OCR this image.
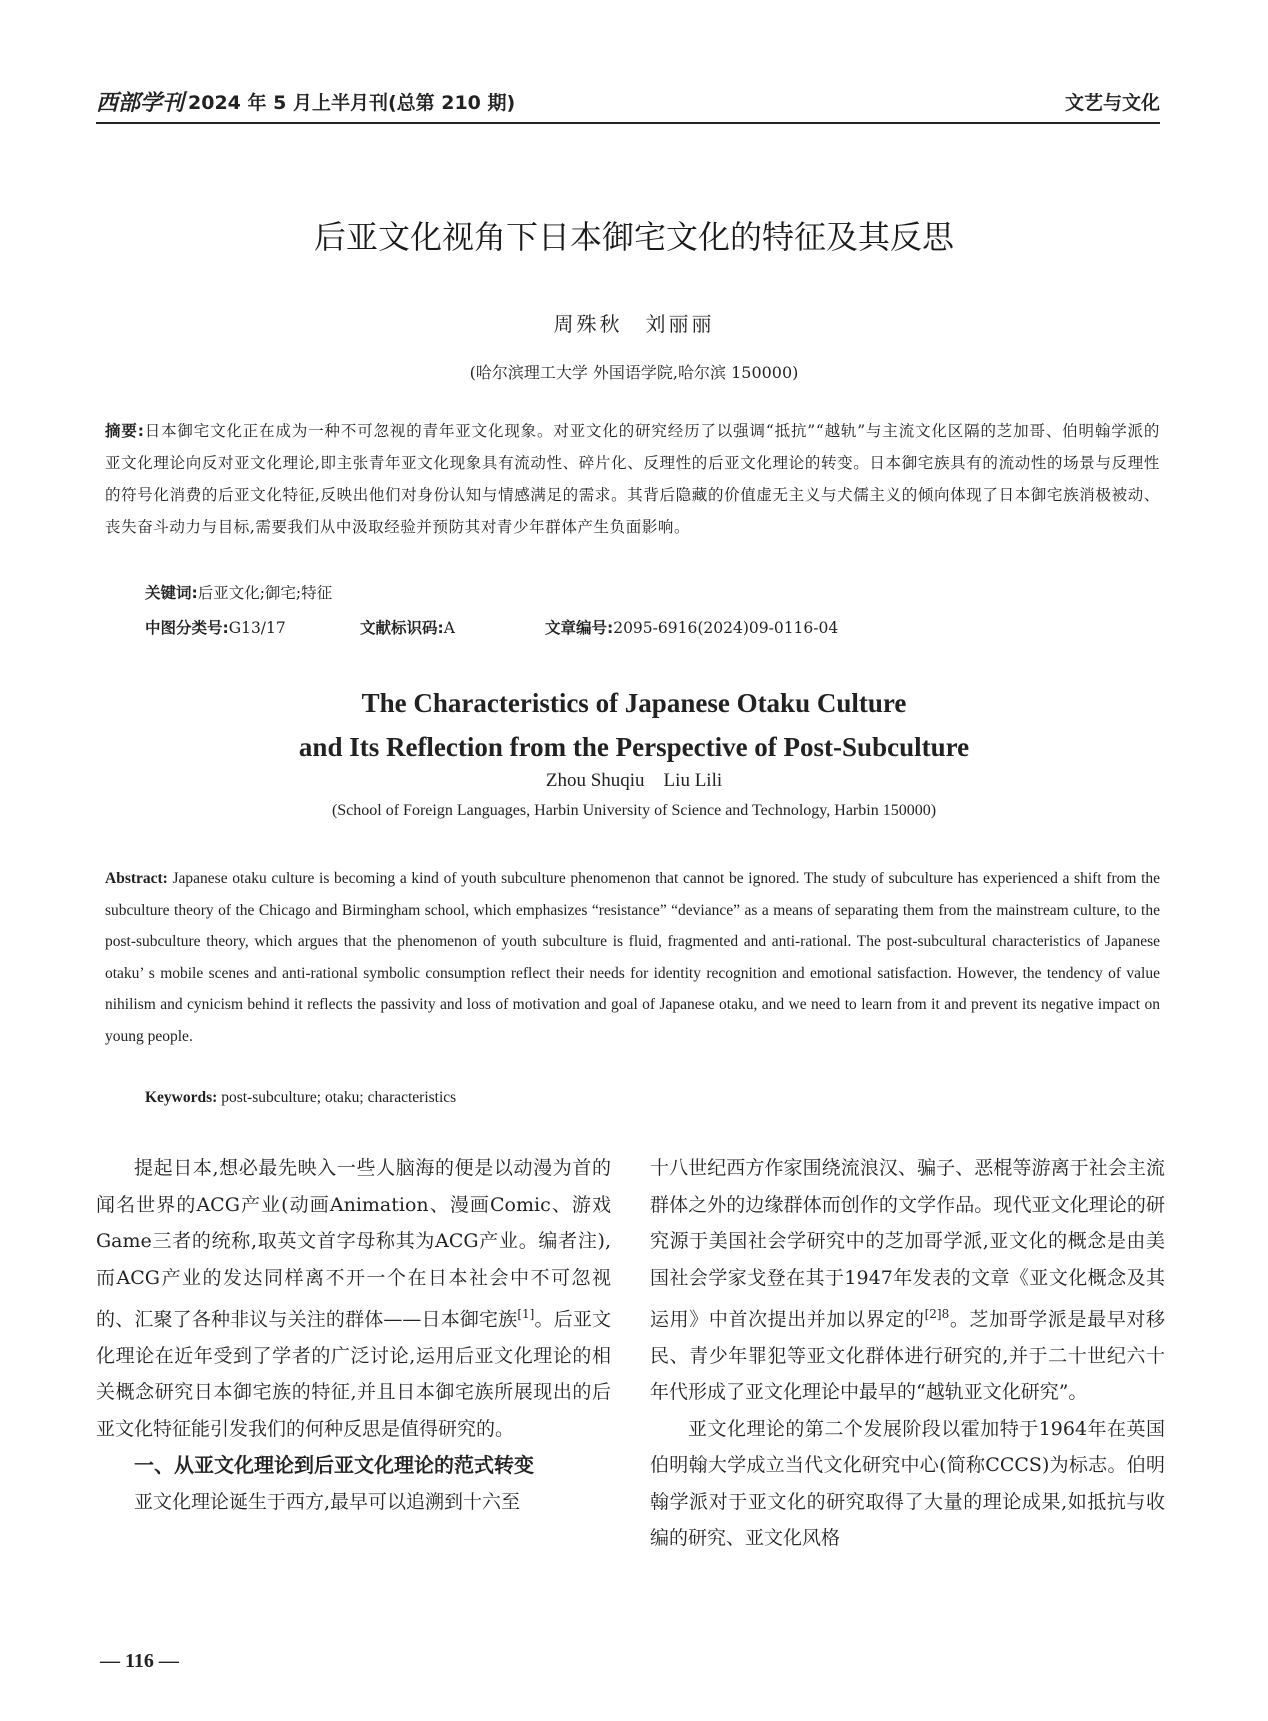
西部学刊 2024 年 5 月上半月刊(总第 210 期)	文艺与文化
后亚文化视角下日本御宅文化的特征及其反思
周殊秋　刘丽丽
(哈尔滨理工大学 外国语学院,哈尔滨 150000)
摘要:日本御宅文化正在成为一种不可忽视的青年亚文化现象。对亚文化的研究经历了以强调“抵抗”“越轨”与主流文化区隔的芝加哥、伯明翰学派的亚文化理论向反对亚文化理论,即主张青年亚文化现象具有流动性、碎片化、反理性的后亚文化理论的转变。日本御宅族具有的流动性的场景与反理性的符号化消费的后亚文化特征,反映出他们对身份认知与情感满足的需求。其背后隐藏的价值虚无主义与犬儒主义的倾向体现了日本御宅族消极被动、丧失奋斗动力与目标,需要我们从中汲取经验并预防其对青少年群体产生负面影响。
关键词:后亚文化;御宅;特征
中图分类号:G13/17	文献标识码:A	文章编号:2095-6916(2024)09-0116-04
The Characteristics of Japanese Otaku Culture
and Its Reflection from the Perspective of Post-Subculture
Zhou Shuqiu　Liu Lili
(School of Foreign Languages, Harbin University of Science and Technology, Harbin 150000)
Abstract: Japanese otaku culture is becoming a kind of youth subculture phenomenon that cannot be ignored. The study of subculture has experienced a shift from the subculture theory of the Chicago and Birmingham school, which emphasizes “resistance” “deviance” as a means of separating them from the mainstream culture, to the post-subculture theory, which argues that the phenomenon of youth subculture is fluid, fragmented and anti-rational. The post-subcultural characteristics of Japanese otaku’ s mobile scenes and anti-rational symbolic consumption reflect their needs for identity recognition and emotional satisfaction. However, the tendency of value nihilism and cynicism behind it reflects the passivity and loss of motivation and goal of Japanese otaku, and we need to learn from it and prevent its negative impact on young people.
Keywords: post-subculture; otaku; characteristics

提起日本,想必最先映入一些人脑海的便是以动漫为首的闻名世界的ACG产业(动画Animation、漫画Comic、游戏Game三者的统称,取英文首字母称其为ACG产业。编者注),而ACG产业的发达同样离不开一个在日本社会中不可忽视的、汇聚了各种非议与关注的群体——日本御宅族[1]。后亚文化理论在近年受到了学者的广泛讨论,运用后亚文化理论的相关概念研究日本御宅族的特征,并且日本御宅族所展现出的后亚文化特征能引发我们的何种反思是值得研究的。

一、从亚文化理论到后亚文化理论的范式转变

亚文化理论诞生于西方,最早可以追溯到十六至

十八世纪西方作家围绕流浪汉、骗子、恶棍等游离于社会主流群体之外的边缘群体而创作的文学作品。现代亚文化理论的研究源于美国社会学研究中的芝加哥学派,亚文化的概念是由美国社会学家戈登在其于1947年发表的文章《亚文化概念及其运用》中首次提出并加以界定的$^{[2]8}$。芝加哥学派是最早对移民、青少年罪犯等亚文化群体进行研究的,并于二十世纪六十年代形成了亚文化理论中最早的“越轨亚文化研究”。

亚文化理论的第二个发展阶段以霍加特于1964年在英国伯明翰大学成立当代文化研究中心(简称CCCS)为标志。伯明翰学派对于亚文化的研究取得了大量的理论成果,如抵抗与收编的研究、亚文化风格

— 116 —
